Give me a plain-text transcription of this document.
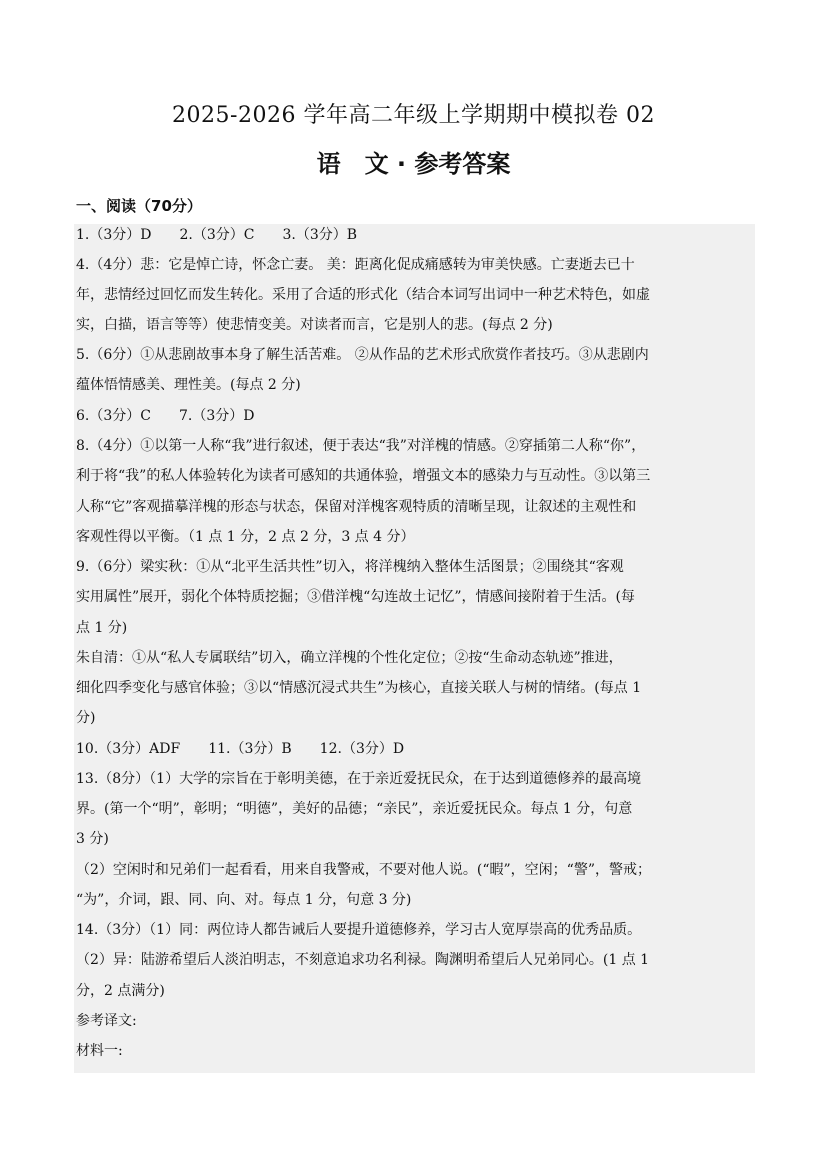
2025-2026 学年高二年级上学期期中模拟卷 02
语　文 · 参考答案
一、阅读（70分）
1.（3分）D　　2.（3分）C　　3.（3分）B
4.（4分）悲：它是悼亡诗，怀念亡妻。 美：距离化促成痛感转为审美快感。亡妻逝去已十
年，悲情经过回忆而发生转化。采用了合适的形式化（结合本词写出词中一种艺术特色，如虚
实，白描，语言等等）使悲情变美。对读者而言，它是别人的悲。(每点 2 分)
5.（6分）①从悲剧故事本身了解生活苦难。 ②从作品的艺术形式欣赏作者技巧。③从悲剧内
蕴体悟情感美、理性美。(每点 2 分)
6.（3分）C　　7.（3分）D
8.（4分）①以第一人称“我”进行叙述，便于表达“我”对洋槐的情感。②穿插第二人称“你”，
利于将“我”的私人体验转化为读者可感知的共通体验，增强文本的感染力与互动性。③以第三
人称“它”客观描摹洋槐的形态与状态，保留对洋槐客观特质的清晰呈现，让叙述的主观性和
客观性得以平衡。（1 点 1 分，2 点 2 分，3 点 4 分）
9.（6分）梁实秋：①从“北平生活共性”切入，将洋槐纳入整体生活图景；②围绕其“客观
实用属性”展开，弱化个体特质挖掘；③借洋槐“勾连故土记忆”，情感间接附着于生活。(每
点 1 分)
朱自清：①从“私人专属联结”切入，确立洋槐的个性化定位；②按“生命动态轨迹”推进，
细化四季变化与感官体验；③以“情感沉浸式共生”为核心，直接关联人与树的情绪。(每点 1
分)
10.（3分）ADF　　11.（3分）B　　12.（3分）D
13.（8分）（1）大学的宗旨在于彰明美德，在于亲近爱抚民众，在于达到道德修养的最高境
界。(第一个“明”，彰明；“明德”，美好的品德；“亲民”，亲近爱抚民众。每点 1 分，句意
3 分)
（2）空闲时和兄弟们一起看看，用来自我警戒，不要对他人说。(“暇”，空闲；“警”，警戒；
“为”，介词，跟、同、向、对。每点 1 分，句意 3 分)
14.（3分）（1）同：两位诗人都告诫后人要提升道德修养，学习古人宽厚崇高的优秀品质。
（2）异：陆游希望后人淡泊明志，不刻意追求功名利禄。陶渊明希望后人兄弟同心。(1 点 1
分，2 点满分)
参考译文:
材料一:
